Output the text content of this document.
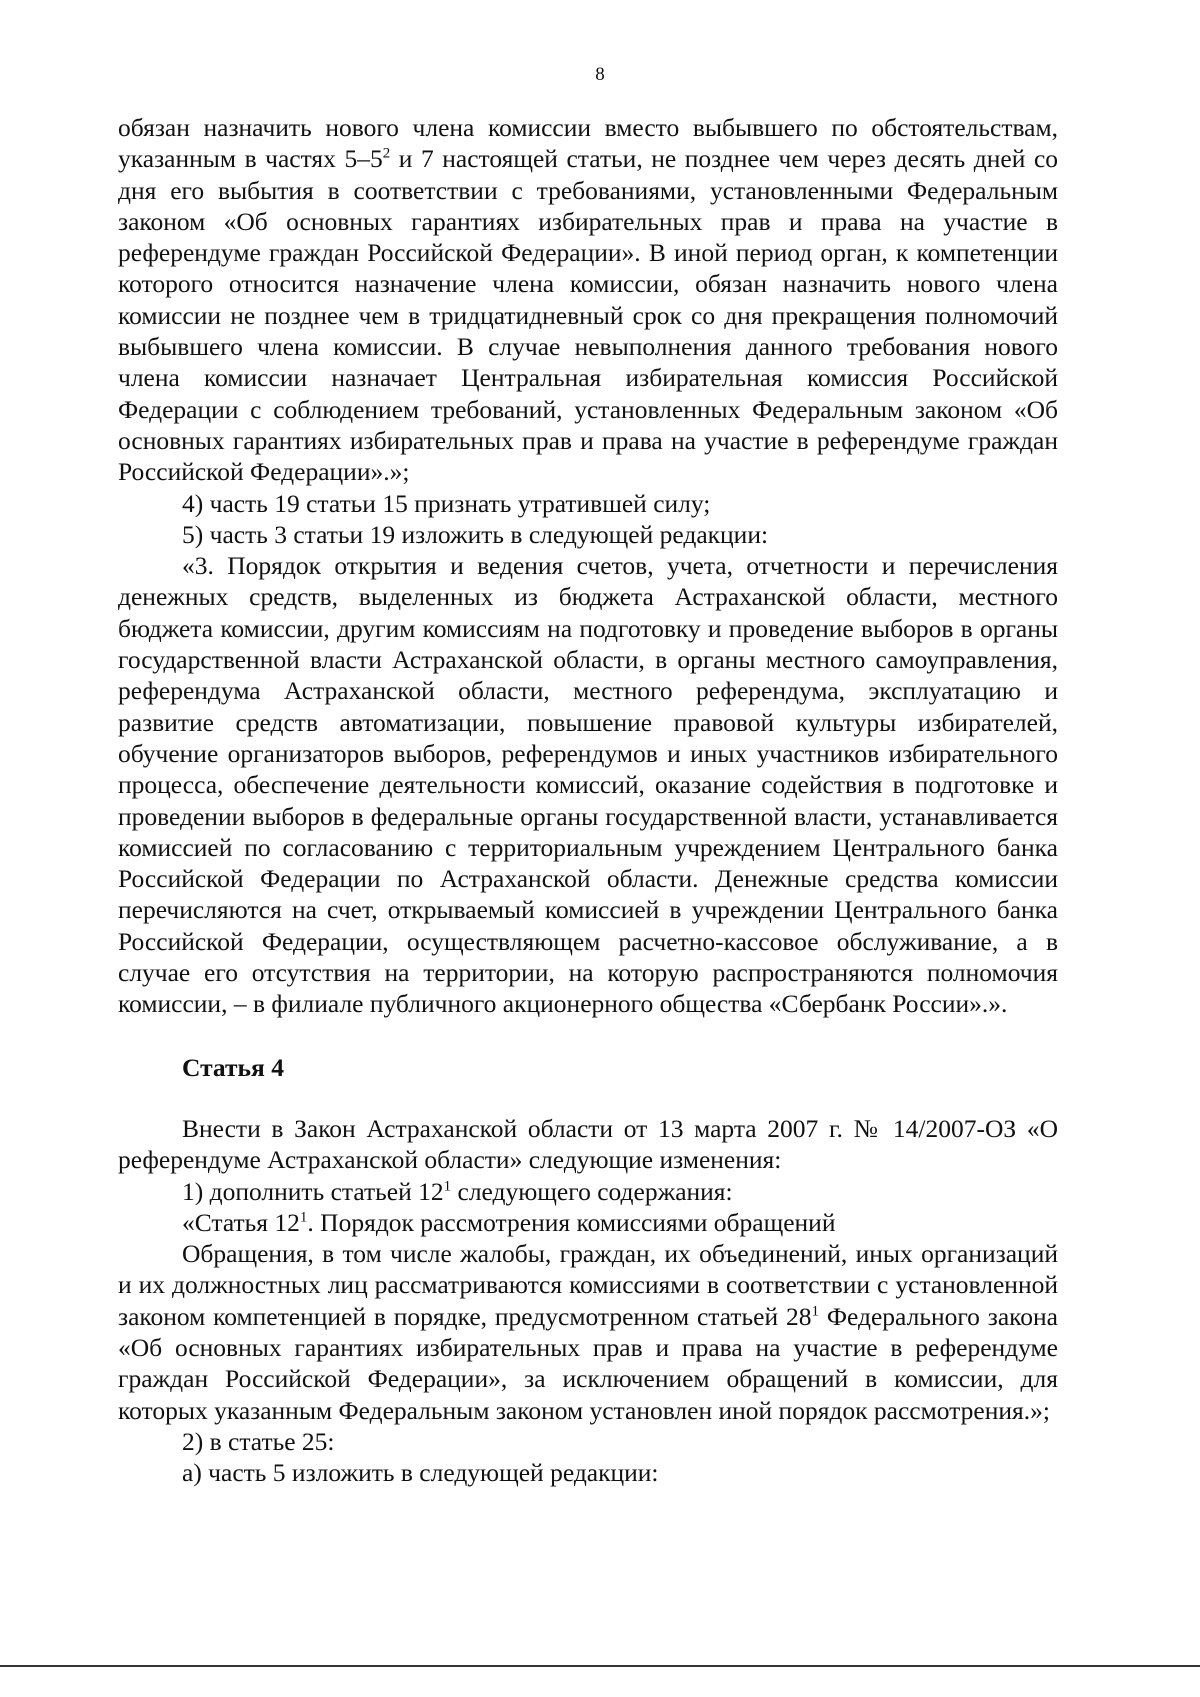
8

обязан назначить нового члена комиссии вместо выбывшего по обстоятельствам, указанным в частях $5-5^2$ и 7 настоящей статьи, не позднее чем через десять дней со дня его выбытия в соответствии с требованиями, установленными Федеральным законом «Об основных гарантиях избирательных прав и права на участие в референдуме граждан Российской Федерации». В иной период орган, к компетенции которого относится назначение члена комиссии, обязан назначить нового члена комиссии не позднее чем в тридцатидневный срок со дня прекращения полномочий выбывшего члена комиссии. В случае невыполнения данного требования нового члена комиссии назначает Центральная избирательная комиссия Российской Федерации с соблюдением требований, установленных Федеральным законом «Об основных гарантиях избирательных прав и права на участие в референдуме граждан Российской Федерации».»;

4) часть 19 статьи 15 признать утратившей силу;

5) часть 3 статьи 19 изложить в следующей редакции:

«3. Порядок открытия и ведения счетов, учета, отчетности и перечисления денежных средств, выделенных из бюджета Астраханской области, местного бюджета комиссии, другим комиссиям на подготовку и проведение выборов в органы государственной власти Астраханской области, в органы местного самоуправления, референдума Астраханской области, местного референдума, эксплуатацию и развитие средств автоматизации, повышение правовой культуры избирателей, обучение организаторов выборов, референдумов и иных участников избирательного процесса, обеспечение деятельности комиссий, оказание содействия в подготовке и проведении выборов в федеральные органы государственной власти, устанавливается комиссией по согласованию с территориальным учреждением Центрального банка Российской Федерации по Астраханской области. Денежные средства комиссии перечисляются на счет, открываемый комиссией в учреждении Центрального банка Российской Федерации, осуществляющем расчетно-кассовое обслуживание, а в случае его отсутствия на территории, на которую распространяются полномочия комиссии, – в филиале публичного акционерного общества «Сбербанк России».».

Статья 4

Внести в Закон Астраханской области от 13 марта 2007 г. № 14/2007-ОЗ «О референдуме Астраханской области» следующие изменения:

1) дополнить статьей $12^1$ следующего содержания:

«Статья $12^1$. Порядок рассмотрения комиссиями обращений

Обращения, в том числе жалобы, граждан, их объединений, иных организаций и их должностных лиц рассматриваются комиссиями в соответствии с установленной законом компетенцией в порядке, предусмотренном статьей $28^1$ Федерального закона «Об основных гарантиях избирательных прав и права на участие в референдуме граждан Российской Федерации», за исключением обращений в комиссии, для которых указанным Федеральным законом установлен иной порядок рассмотрения.»;

2) в статье 25:

а) часть 5 изложить в следующей редакции:
